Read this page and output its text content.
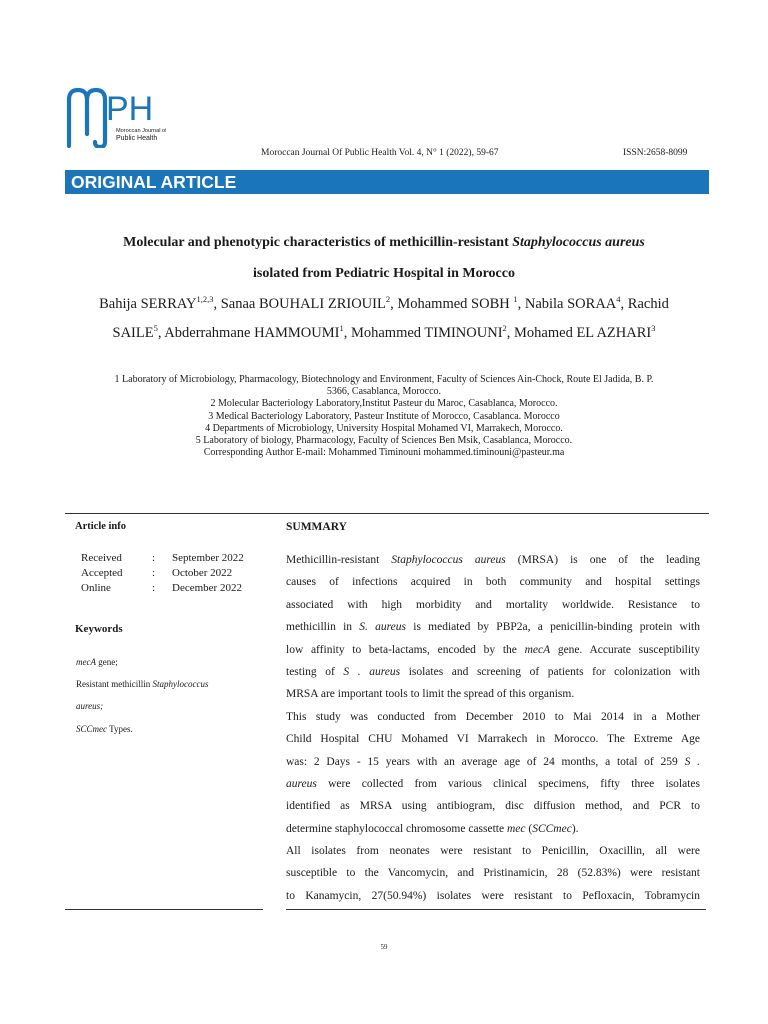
PH
Moroccan Journal of
Public Health
Moroccan Journal Of Public Health Vol. 4, N° 1 (2022), 59-67	ISSN:2658-8099
ORIGINAL ARTICLE
Molecular and phenotypic characteristics of methicillin-resistant Staphylococcus aureus
isolated from Pediatric Hospital in Morocco
Bahija SERRAY$^{1,2,3}$, Sanaa BOUHALI ZRIOUIL$^2$, Mohammed SOBH $^1$, Nabila SORAA$^4$, Rachid
SAILE$^5$, Abderrahmane HAMMOUMI$^1$, Mohammed TIMINOUNI$^2$, Mohamed EL AZHARI$^3$
1 Laboratory of Microbiology, Pharmacology, Biotechnology and Environment, Faculty of Sciences Ain-Chock, Route El Jadida, B. P.
5366, Casablanca, Morocco.
2 Molecular Bacteriology Laboratory,Institut Pasteur du Maroc, Casablanca, Morocco.
3 Medical Bacteriology Laboratory, Pasteur Institute of Morocco, Casablanca. Morocco
4 Departments of Microbiology, University Hospital Mohamed VI, Marrakech, Morocco.
5 Laboratory of biology, Pharmacology, Faculty of Sciences Ben Msik, Casablanca, Morocco.
Corresponding Author E-mail: Mohammed Timinouni mohammed.timinouni@pasteur.ma
Article info
Received	: September 2022
Accepted	: October 2022
Online	: December 2022
Keywords
mecA gene;
Resistant methicillin Staphylococcus
aureus;
SCCmec Types.
SUMMARY
Methicillin-resistant Staphylococcus aureus (MRSA) is one of the leading
causes of infections acquired in both community and hospital settings
associated with high morbidity and mortality worldwide. Resistance to
methicillin in S. aureus is mediated by PBP2a, a penicillin-binding protein with
low affinity to beta-lactams, encoded by the mecA gene. Accurate susceptibility
testing of S . aureus isolates and screening of patients for colonization with
MRSA are important tools to limit the spread of this organism.
This study was conducted from December 2010 to Mai 2014 in a Mother
Child Hospital CHU Mohamed VI Marrakech in Morocco. The Extreme Age
was: 2 Days - 15 years with an average age of 24 months, a total of 259 S .
aureus were collected from various clinical specimens, fifty three isolates
identified as MRSA using antibiogram, disc diffusion method, and PCR to
determine staphylococcal chromosome cassette mec (SCCmec).
All isolates from neonates were resistant to Penicillin, Oxacillin, all were
susceptible to the Vancomycin, and Pristinamicin, 28 (52.83%) were resistant
to Kanamycin, 27(50.94%) isolates were resistant to Pefloxacin, Tobramycin
59
